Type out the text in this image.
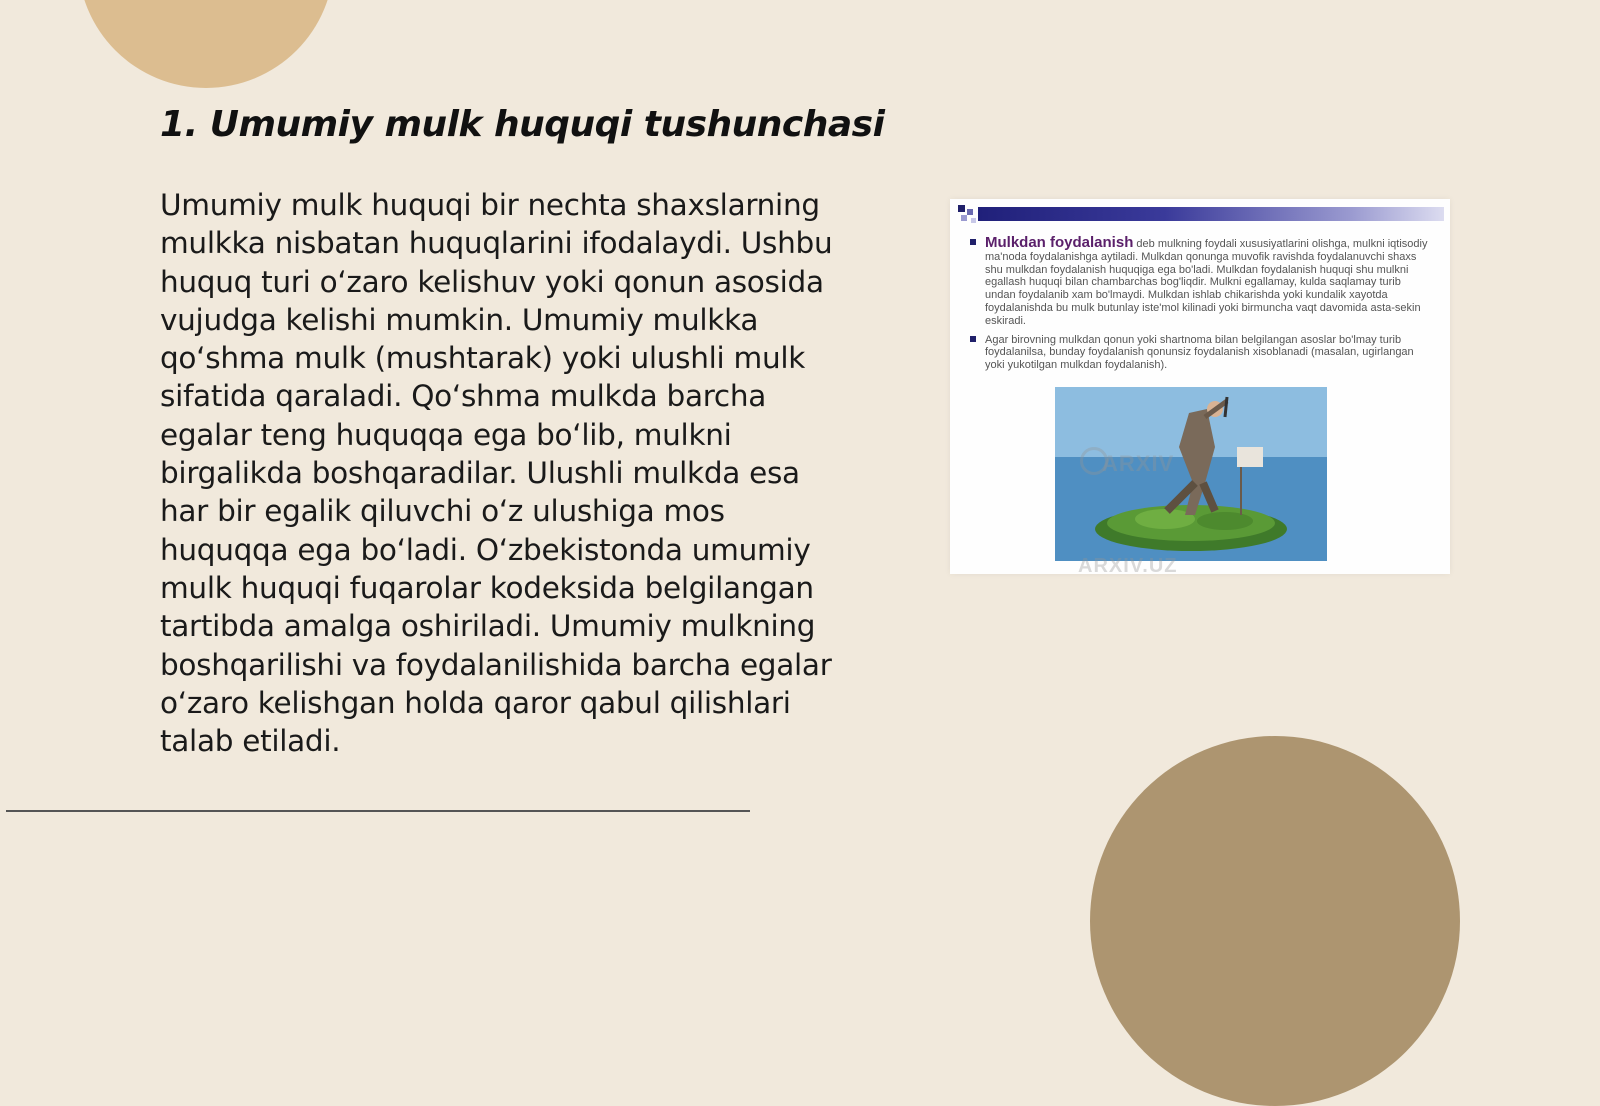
1. Umumiy mulk huquqi tushunchasi

Umumiy mulk huquqi bir nechta shaxslarning mulkka nisbatan huquqlarini ifodalaydi. Ushbu huquq turi oʻzaro kelishuv yoki qonun asosida vujudga kelishi mumkin. Umumiy mulkka qoʻshma mulk (mushtarak) yoki ulushli mulk sifatida qaraladi. Qoʻshma mulkda barcha egalar teng huquqqa ega boʻlib, mulkni birgalikda boshqaradilar. Ulushli mulkda esa har bir egalik qiluvchi oʻz ulushiga mos huquqqa ega boʻladi. Oʻzbekistonda umumiy mulk huquqi fuqarolar kodeksida belgilangan tartibda amalga oshiriladi. Umumiy mulkning boshqarilishi va foydalanilishida barcha egalar oʻzaro kelishgan holda qaror qabul qilishlari talab etiladi.

Mulkdan foydalanish deb mulkning foydali xususiyatlarini olishga, mulkni iqtisodiy ma'noda foydalanishga aytiladi. Mulkdan qonunga muvofik ravishda foydalanuvchi shaxs shu mulkdan foydalanish huquqiga ega bo'ladi. Mulkdan foydalanish huquqi shu mulkni egallash huquqi bilan chambarchas bog'liqdir. Mulkni egallamay, kulda saqlamay turib undan foydalanib xam bo'lmaydi. Mulkdan ishlab chikarishda yoki kundalik xayotda foydalanishda bu mulk butunlay iste'mol kilinadi yoki birmuncha vaqt davomida asta-sekin eskiradi.
Agar birovning mulkdan qonun yoki shartnoma bilan belgilangan asoslar bo'lmay turib foydalanilsa, bunday foydalanish qonunsiz foydalanish xisoblanadi (masalan, ugirlangan yoki yukotilgan mulkdan foydalanish).
ARXIV
ARXIV.UZ
